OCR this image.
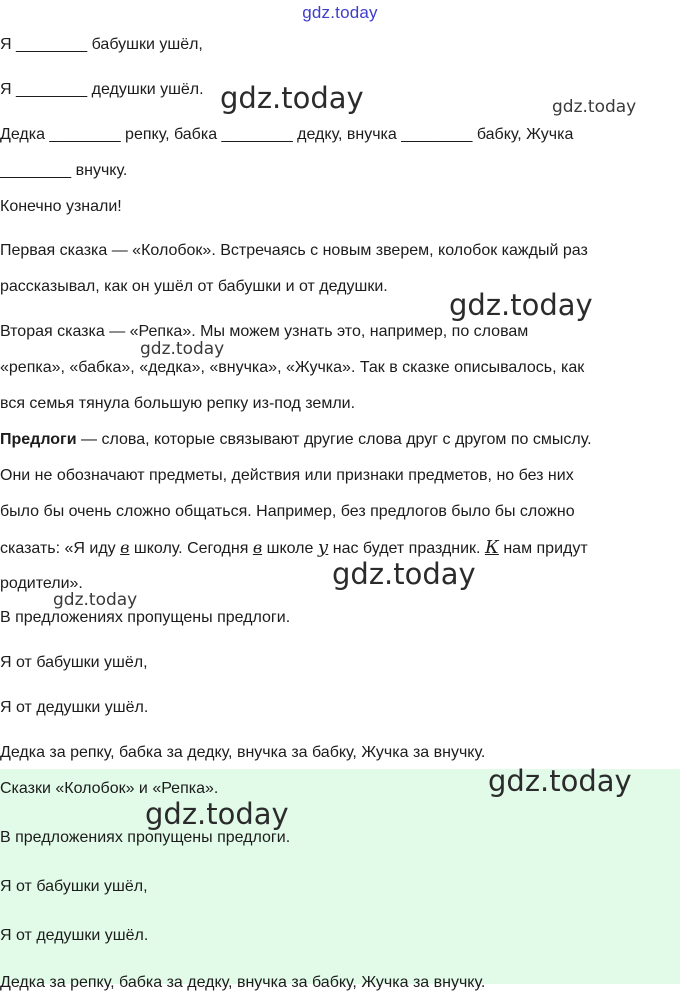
gdz.today
Я ________ бабушки ушёл,
Я ________ дедушки ушёл.
Дедка ________ репку, бабка ________ дедку, внучка ________ бабку, Жучка
________ внучку.
Конечно узнали!
Первая сказка — «Колобок». Встречаясь с новым зверем, колобок каждый раз
рассказывал, как он ушёл от бабушки и от дедушки.
Вторая сказка — «Репка». Мы можем узнать это, например, по словам
«репка», «бабка», «дедка», «внучка», «Жучка». Так в сказке описывалось, как
вся семья тянула большую репку из-под земли.
Предлоги — слова, которые связывают другие слова друг с другом по смыслу.
Они не обозначают предметы, действия или признаки предметов, но без них
было бы очень сложно общаться. Например, без предлогов было бы сложно
сказать: «Я иду в школу. Сегодня в школе у нас будет праздник. К нам придут
родители».
В предложениях пропущены предлоги.
Я от бабушки ушёл,
Я от дедушки ушёл.
Дедка за репку, бабка за дедку, внучка за бабку, Жучка за внучку.
Сказки «Колобок» и «Репка».
В предложениях пропущены предлоги.
Я от бабушки ушёл,
Я от дедушки ушёл.
Дедка за репку, бабка за дедку, внучка за бабку, Жучка за внучку.
gdz.today	gdz.today
gdz.today
gdz.today
gdz.today
gdz.today
gdz.today
gdz.today
